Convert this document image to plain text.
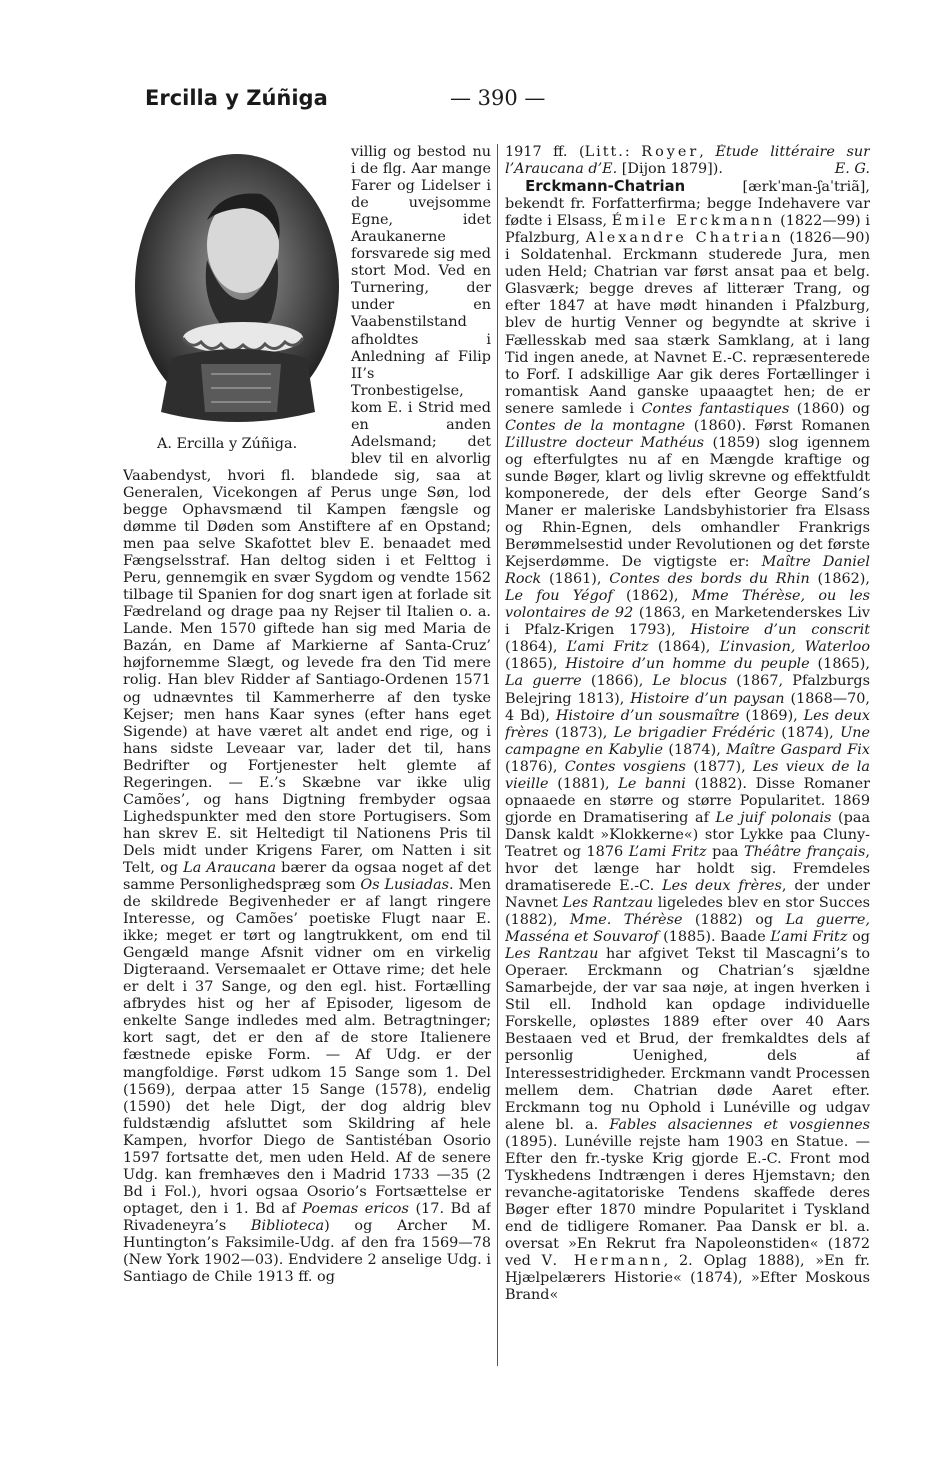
Ercilla y Zúñiga	— 390 —
A. Ercilla y Zúñiga.

villig og bestod nu i de flg. Aar mange Farer og Lidelser i de uvejsomme Egne, idet Araukanerne forsvarede sig med stort Mod. Ved en Turnering, der under en Vaabenstilstand afholdtes i Anledning af Filip II’s Tronbestigelse, kom E. i Strid med en anden Adelsmand; det blev til en alvorlig Vaabendyst, hvori fl. blandede sig, saa at Generalen, Vicekongen af Perus unge Søn, lod begge Ophavsmænd til Kampen fængsle og dømme til Døden som Anstiftere af en Opstand; men paa selve Skafottet blev E. benaadet med Fængselsstraf. Han deltog siden i et Felttog i Peru, gennemgik en svær Sygdom og vendte 1562 tilbage til Spanien for dog snart igen at forlade sit Fædreland og drage paa ny Rejser til Italien o. a. Lande. Men 1570 giftede han sig med Maria de Bazán, en Dame af Markierne af Santa-Cruz’ højfornemme Slægt, og levede fra den Tid mere rolig. Han blev Ridder af Santiago-Ordenen 1571 og udnævntes til Kammerherre af den tyske Kejser; men hans Kaar synes (efter hans eget Sigende) at have været alt andet end rige, og i hans sidste Leveaar var, lader det til, hans Bedrifter og Fortjenester helt glemte af Regeringen. — E.’s Skæbne var ikke ulig Camões’, og hans Digtning frembyder ogsaa Lighedspunkter med den store Portugisers. Som han skrev E. sit Heltedigt til Nationens Pris til Dels midt under Krigens Farer, om Natten i sit Telt, og La Araucana bærer da ogsaa noget af det samme Personlighedspræg som Os Lusiadas. Men de skildrede Begivenheder er af langt ringere Interesse, og Camões’ poetiske Flugt naar E. ikke; meget er tørt og langtrukkent, om end til Gengæld mange Afsnit vidner om en virkelig Digteraand. Versemaalet er Ottave rime; det hele er delt i 37 Sange, og den egl. hist. Fortælling afbrydes hist og her af Episoder, ligesom de enkelte Sange indledes med alm. Betragtninger; kort sagt, det er den af de store Italienere fæstnede episke Form. — Af Udg. er der mangfoldige. Først udkom 15 Sange som 1. Del (1569), derpaa atter 15 Sange (1578), endelig (1590) det hele Digt, der dog aldrig blev fuldstændig afsluttet som Skildring af hele Kampen, hvorfor Diego de Santistéban Osorio 1597 fortsatte det, men uden Held. Af de senere Udg. kan fremhæves den i Madrid 1733 —35 (2 Bd i Fol.), hvori ogsaa Osorio’s Fortsættelse er optaget, den i 1. Bd af Poemas ericos (17. Bd af Rivadeneyra’s Biblioteca) og Archer M. Huntington’s Faksimile-Udg. af den fra 1569—78 (New York 1902—03). Endvidere 2 anselige Udg. i Santiago de Chile 1913 ff. og

1917 ff. (Litt.: Royer, Étude littéraire sur l’Araucana d’E. [Dijon 1879]).	E. G.

Erckmann-Chatrian [ærkˈman-ʃaˈtriã], bekendt fr. Forfatterfirma; begge Indehavere var fødte i Elsass, Émile Erckmann (1822—99) i Pfalzburg, Alexandre Chatrian (1826—90) i Soldatenhal. Erckmann studerede Jura, men uden Held; Chatrian var først ansat paa et belg. Glasværk; begge dreves af litterær Trang, og efter 1847 at have mødt hinanden i Pfalzburg, blev de hurtig Venner og begyndte at skrive i Fællesskab med saa stærk Samklang, at i lang Tid ingen anede, at Navnet E.-C. repræsenterede to Forf. I adskillige Aar gik deres Fortællinger i romantisk Aand ganske upaaagtet hen; de er senere samlede i Contes fantastiques (1860) og Contes de la montagne (1860). Først Romanen L’illustre docteur Mathéus (1859) slog igennem og efterfulgtes nu af en Mængde kraftige og sunde Bøger, klart og livlig skrevne og effektfuldt komponerede, der dels efter George Sand’s Maner er maleriske Landsbyhistorier fra Elsass og Rhin-Egnen, dels omhandler Frankrigs Berømmelsestid under Revolutionen og det første Kejserdømme. De vigtigste er: Maître Daniel Rock (1861), Contes des bords du Rhin (1862), Le fou Yégof (1862), Mme Thérèse, ou les volontaires de 92 (1863, en Marketenderskes Liv i Pfalz-Krigen 1793), Histoire d’un conscrit (1864), L’ami Fritz (1864), L’invasion, Waterloo (1865), Histoire d’un homme du peuple (1865), La guerre (1866), Le blocus (1867, Pfalzburgs Belejring 1813), Histoire d’un paysan (1868—70, 4 Bd), Histoire d’un sousmaître (1869), Les deux frères (1873), Le brigadier Frédéric (1874), Une campagne en Kabylie (1874), Maître Gaspard Fix (1876), Contes vosgiens (1877), Les vieux de la vieille (1881), Le banni (1882). Disse Romaner opnaaede en større og større Popularitet. 1869 gjorde en Dramatisering af Le juif polonais (paa Dansk kaldt »Klokkerne«) stor Lykke paa Cluny-Teatret og 1876 L’ami Fritz paa Théâtre français, hvor det længe har holdt sig. Fremdeles dramatiserede E.-C. Les deux frères, der under Navnet Les Rantzau ligeledes blev en stor Succes (1882), Mme. Thérèse (1882) og La guerre, Masséna et Souvarof (1885). Baade L’ami Fritz og Les Rantzau har afgivet Tekst til Mascagni’s to Operaer. Erckmann og Chatrian’s sjældne Samarbejde, der var saa nøje, at ingen hverken i Stil ell. Indhold kan opdage individuelle Forskelle, opløstes 1889 efter over 40 Aars Bestaaen ved et Brud, der fremkaldtes dels af personlig Uenighed, dels af Interessestridigheder. Erckmann vandt Processen mellem dem. Chatrian døde Aaret efter. Erckmann tog nu Ophold i Lunéville og udgav alene bl. a. Fables alsaciennes et vosgiennes (1895). Lunéville rejste ham 1903 en Statue. — Efter den fr.-tyske Krig gjorde E.-C. Front mod Tyskhedens Indtrængen i deres Hjemstavn; den revanche-agitatoriske Tendens skaffede deres Bøger efter 1870 mindre Popularitet i Tyskland end de tidligere Romaner. Paa Dansk er bl. a. oversat »En Rekrut fra Napoleonstiden« (1872 ved V. Hermann, 2. Oplag 1888), »En fr. Hjælpelærers Historie« (1874), »Efter Moskous Brand«
